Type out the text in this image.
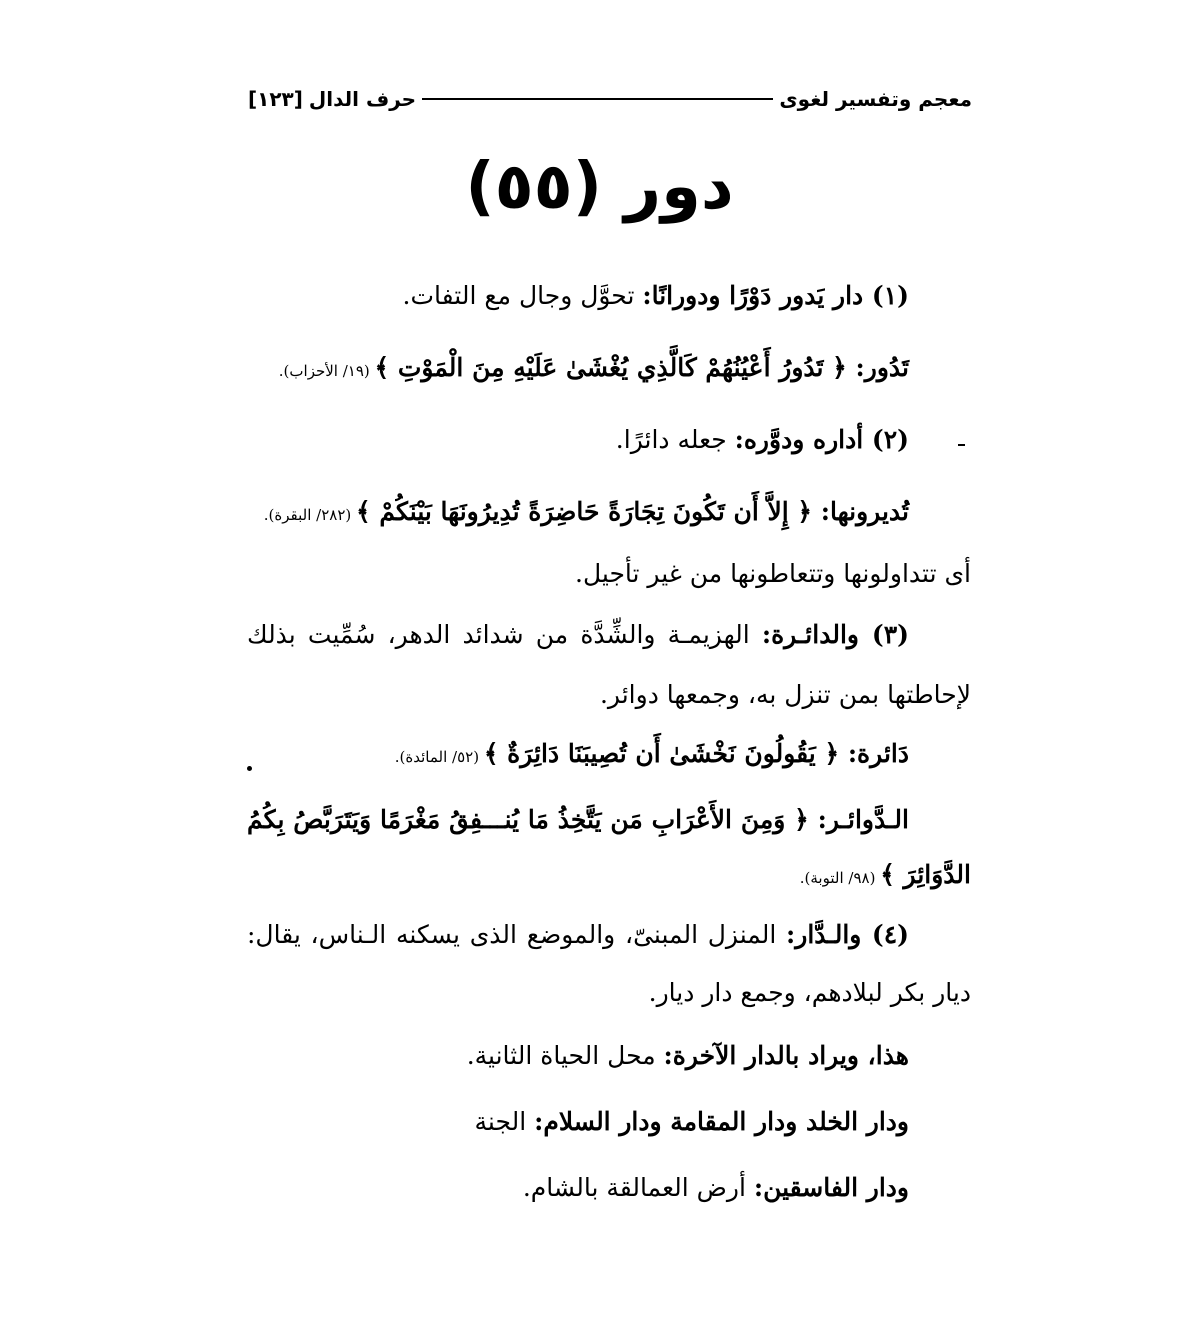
معجم وتفسير لغوى
حرف الدال
[١٢٣]
دور (٥٥)
(١) دار يَدور دَوْرًا ودورانًا: تحوَّل وجال مع التفات.
تَدُور: ﴿ تَدُورُ أَعْيُنُهُمْ كَالَّذِي يُغْشَىٰ عَلَيْهِ مِنَ الْمَوْتِ ﴾ (١٩/ الأحزاب).
(٢) أداره ودوَّره: جعله دائرًا.
تُديرونها: ﴿ إِلاَّ أَن تَكُونَ تِجَارَةً حَاضِرَةً تُدِيرُونَهَا بَيْنَكُمْ ﴾ (٢٨٢/ البقرة).
أى تتداولونها وتتعاطونها من غير تأجيل.
(٣) والدائـرة: الهزيمـة والشِّدَّة من شدائد الدهر، سُمِّيت بذلك
لإحاطتها بمن تنزل به، وجمعها دوائر.
دَائرة: ﴿ يَقُولُونَ نَخْشَىٰ أَن تُصِيبَنَا دَائِرَةٌ ﴾ (٥٢/ المائدة).
الـدَّوائـر: ﴿ وَمِنَ الأَعْرَابِ مَن يَتَّخِذُ مَا يُنـــفِقُ مَغْرَمًا وَيَتَرَبَّصُ بِكُمُ
الدَّوَائِرَ ﴾ (٩٨/ التوبة).
(٤) والـدَّار: المنزل المبنىّ، والموضع الذى يسكنه الـناس، يقال:
ديار بكر لبلادهم، وجمع دار ديار.
هذا، ويراد بالدار الآخرة: محل الحياة الثانية.
ودار الخلد ودار المقامة ودار السلام: الجنة
ودار الفاسقين: أرض العمالقة بالشام.
